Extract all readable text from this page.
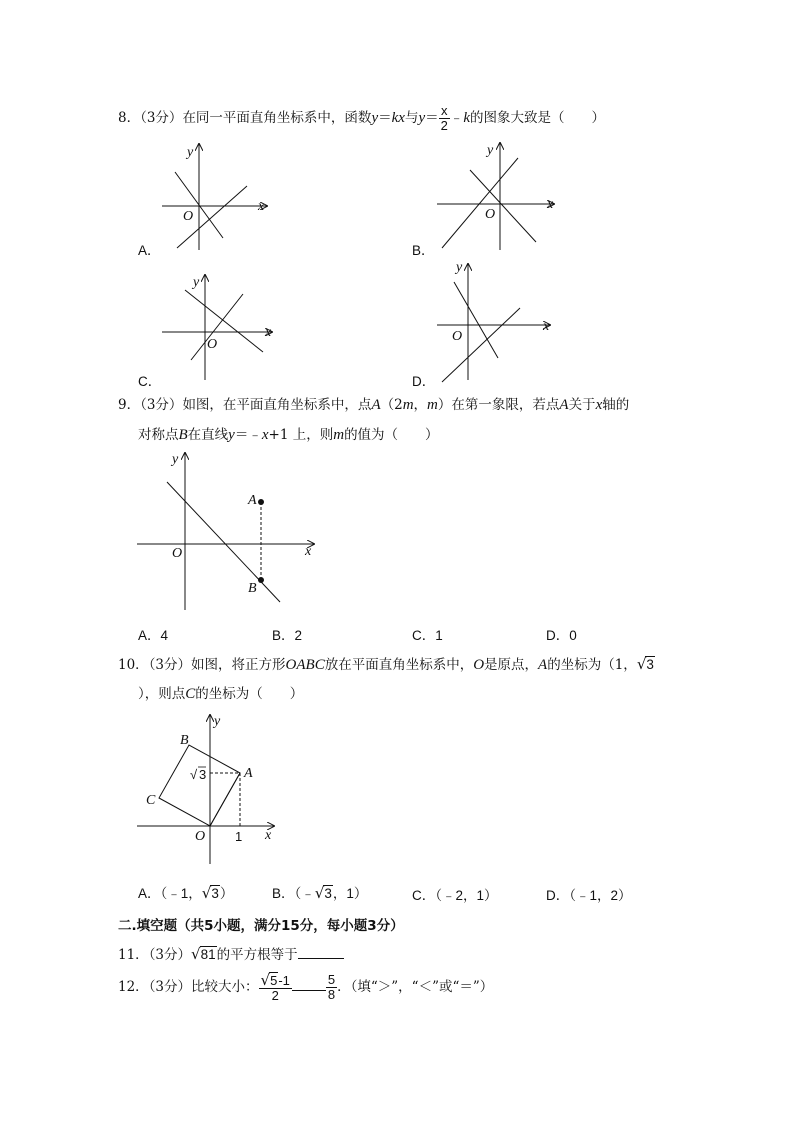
8．（3分）在同一平面直角坐标系中，函数y＝kx与$y= \frac{x}{2}$ ﹣k的图象大致是（　　）
x
y
O
A．
x
y
O
B．
x
y
O
C．
x
y
O
D．
9．（3分）如图，在平面直角坐标系中，点A（2m，m）在第一象限，若点A关于x轴的
对称点B在直线y＝﹣x+1 上，则m的值为（　　）
A
B
O	x
y
A．4	B．2	C．1	D．0
10．（3分）如图，将正方形OABC放在平面直角坐标系中，O是原点，A的坐标为（1，√3
），则点C的坐标为（　　）
B
A
C
O	x
y
1
√ 3
A．（﹣1，√3）	B．（﹣√3，1）	C．（﹣2，1）	D．（﹣1，2）
二.填空题（共5小题，满分15分，每小题3分）
11．（3分）√81的平方根等于
12．（3分）比较大小： $\frac{√5-1}{2}$	$\frac{5}{8}$ ．（填“＞”，“＜”或“＝”）
